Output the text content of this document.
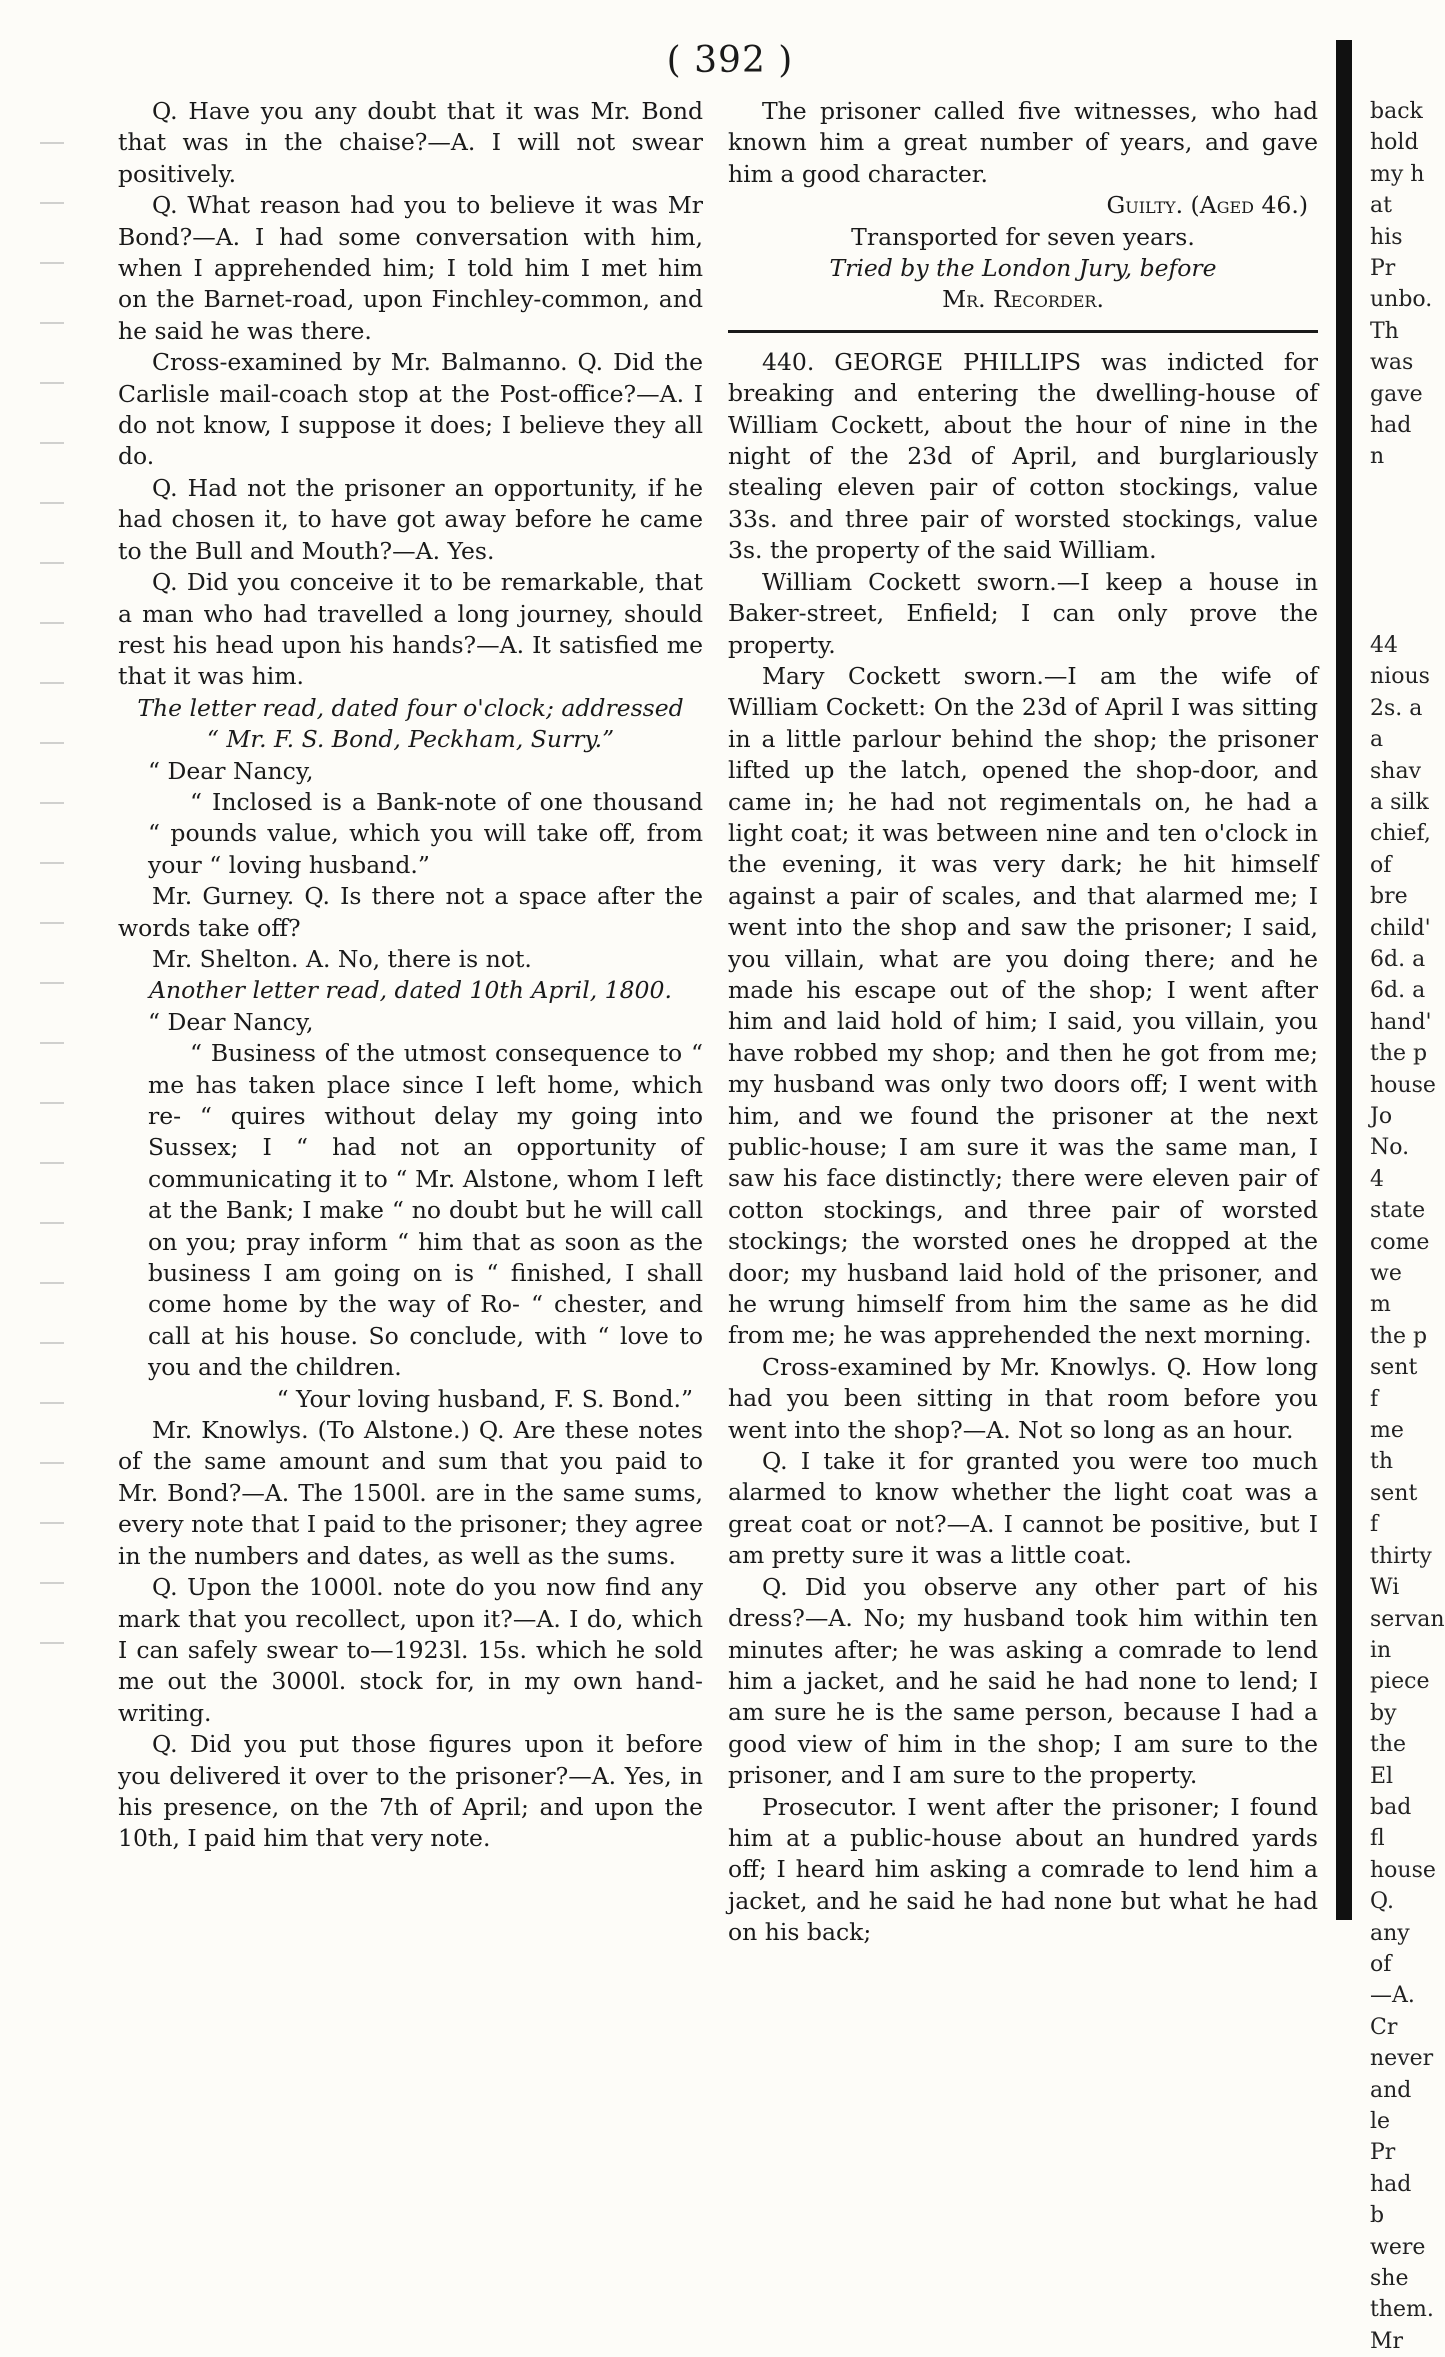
( 392 )

Q. Have you any doubt that it was Mr. Bond that was in the chaise?—A. I will not swear positively.

Q. What reason had you to believe it was Mr Bond?—A. I had some conversation with him, when I apprehended him; I told him I met him on the Barnet-road, upon Finchley-common, and he said he was there.

Cross-examined by Mr. Balmanno. Q. Did the Carlisle mail-coach stop at the Post-office?—A. I do not know, I suppose it does; I believe they all do.

Q. Had not the prisoner an opportunity, if he had chosen it, to have got away before he came to the Bull and Mouth?—A. Yes.

Q. Did you conceive it to be remarkable, that a man who had travelled a long journey, should rest his head upon his hands?—A. It satisfied me that it was him.

The letter read, dated four o'clock; addressed

“ Mr. F. S. Bond, Peckham, Surry.”

“ Dear Nancy,

“ Inclosed is a Bank-note of one thousand “ pounds value, which you will take off, from your “ loving husband.”

Mr. Gurney. Q. Is there not a space after the words take off?

Mr. Shelton. A. No, there is not.

Another letter read, dated 10th April, 1800.

“ Dear Nancy,

“ Business of the utmost consequence to “ me has taken place since I left home, which re- “ quires without delay my going into Sussex; I “ had not an opportunity of communicating it to “ Mr. Alstone, whom I left at the Bank; I make “ no doubt but he will call on you; pray inform “ him that as soon as the business I am going on is “ finished, I shall come home by the way of Ro- “ chester, and call at his house. So conclude, with “ love to you and the children.

“ Your loving husband, F. S. Bond.”

Mr. Knowlys. (To Alstone.) Q. Are these notes of the same amount and sum that you paid to Mr. Bond?—A. The 1500l. are in the same sums, every note that I paid to the prisoner; they agree in the numbers and dates, as well as the sums.

Q. Upon the 1000l. note do you now find any mark that you recollect, upon it?—A. I do, which I can safely swear to—1923l. 15s. which he sold me out the 3000l. stock for, in my own hand-writing.

Q. Did you put those figures upon it before you delivered it over to the prisoner?—A. Yes, in his presence, on the 7th of April; and upon the 10th, I paid him that very note.

The prisoner called five witnesses, who had known him a great number of years, and gave him a good character.

Guilty. (Aged 46.)

Transported for seven years.

Tried by the London Jury, before

Mr. Recorder.

440. GEORGE PHILLIPS was indicted for breaking and entering the dwelling-house of William Cockett, about the hour of nine in the night of the 23d of April, and burglariously stealing eleven pair of cotton stockings, value 33s. and three pair of worsted stockings, value 3s. the property of the said William.

William Cockett sworn.—I keep a house in Baker-street, Enfield; I can only prove the property.

Mary Cockett sworn.—I am the wife of William Cockett: On the 23d of April I was sitting in a little parlour behind the shop; the prisoner lifted up the latch, opened the shop-door, and came in; he had not regimentals on, he had a light coat; it was between nine and ten o'clock in the evening, it was very dark; he hit himself against a pair of scales, and that alarmed me; I went into the shop and saw the prisoner; I said, you villain, what are you doing there; and he made his escape out of the shop; I went after him and laid hold of him; I said, you villain, you have robbed my shop; and then he got from me; my husband was only two doors off; I went with him, and we found the prisoner at the next public-house; I am sure it was the same man, I saw his face distinctly; there were eleven pair of cotton stockings, and three pair of worsted stockings; the worsted ones he dropped at the door; my husband laid hold of the prisoner, and he wrung himself from him the same as he did from me; he was apprehended the next morning.

Cross-examined by Mr. Knowlys. Q. How long had you been sitting in that room before you went into the shop?—A. Not so long as an hour.

Q. I take it for granted you were too much alarmed to know whether the light coat was a great coat or not?—A. I cannot be positive, but I am pretty sure it was a little coat.

Q. Did you observe any other part of his dress?—A. No; my husband took him within ten minutes after; he was asking a comrade to lend him a jacket, and he said he had none to lend; I am sure he is the same person, because I had a good view of him in the shop; I am sure to the prisoner, and I am sure to the property.

Prosecutor. I went after the prisoner; I found him at a public-house about an hundred yards off; I heard him asking a comrade to lend him a jacket, and he said he had none but what he had on his back;

back
hold
my h
at his
Pr
unbo.
Th
was
gave
had n

44
nious
2s. a
a shav
a silk
chief,
of bre
child'
6d. a
6d. a
hand'
the p
house
Jo
No. 4
state
come
we m
the p
sent f
me th
sent f
thirty
Wi
servan
in piece
by the
El
bad fl
house
Q.
any of
—A.
Cr
never
and le
Pr
had b
were
she
them.
Mr
